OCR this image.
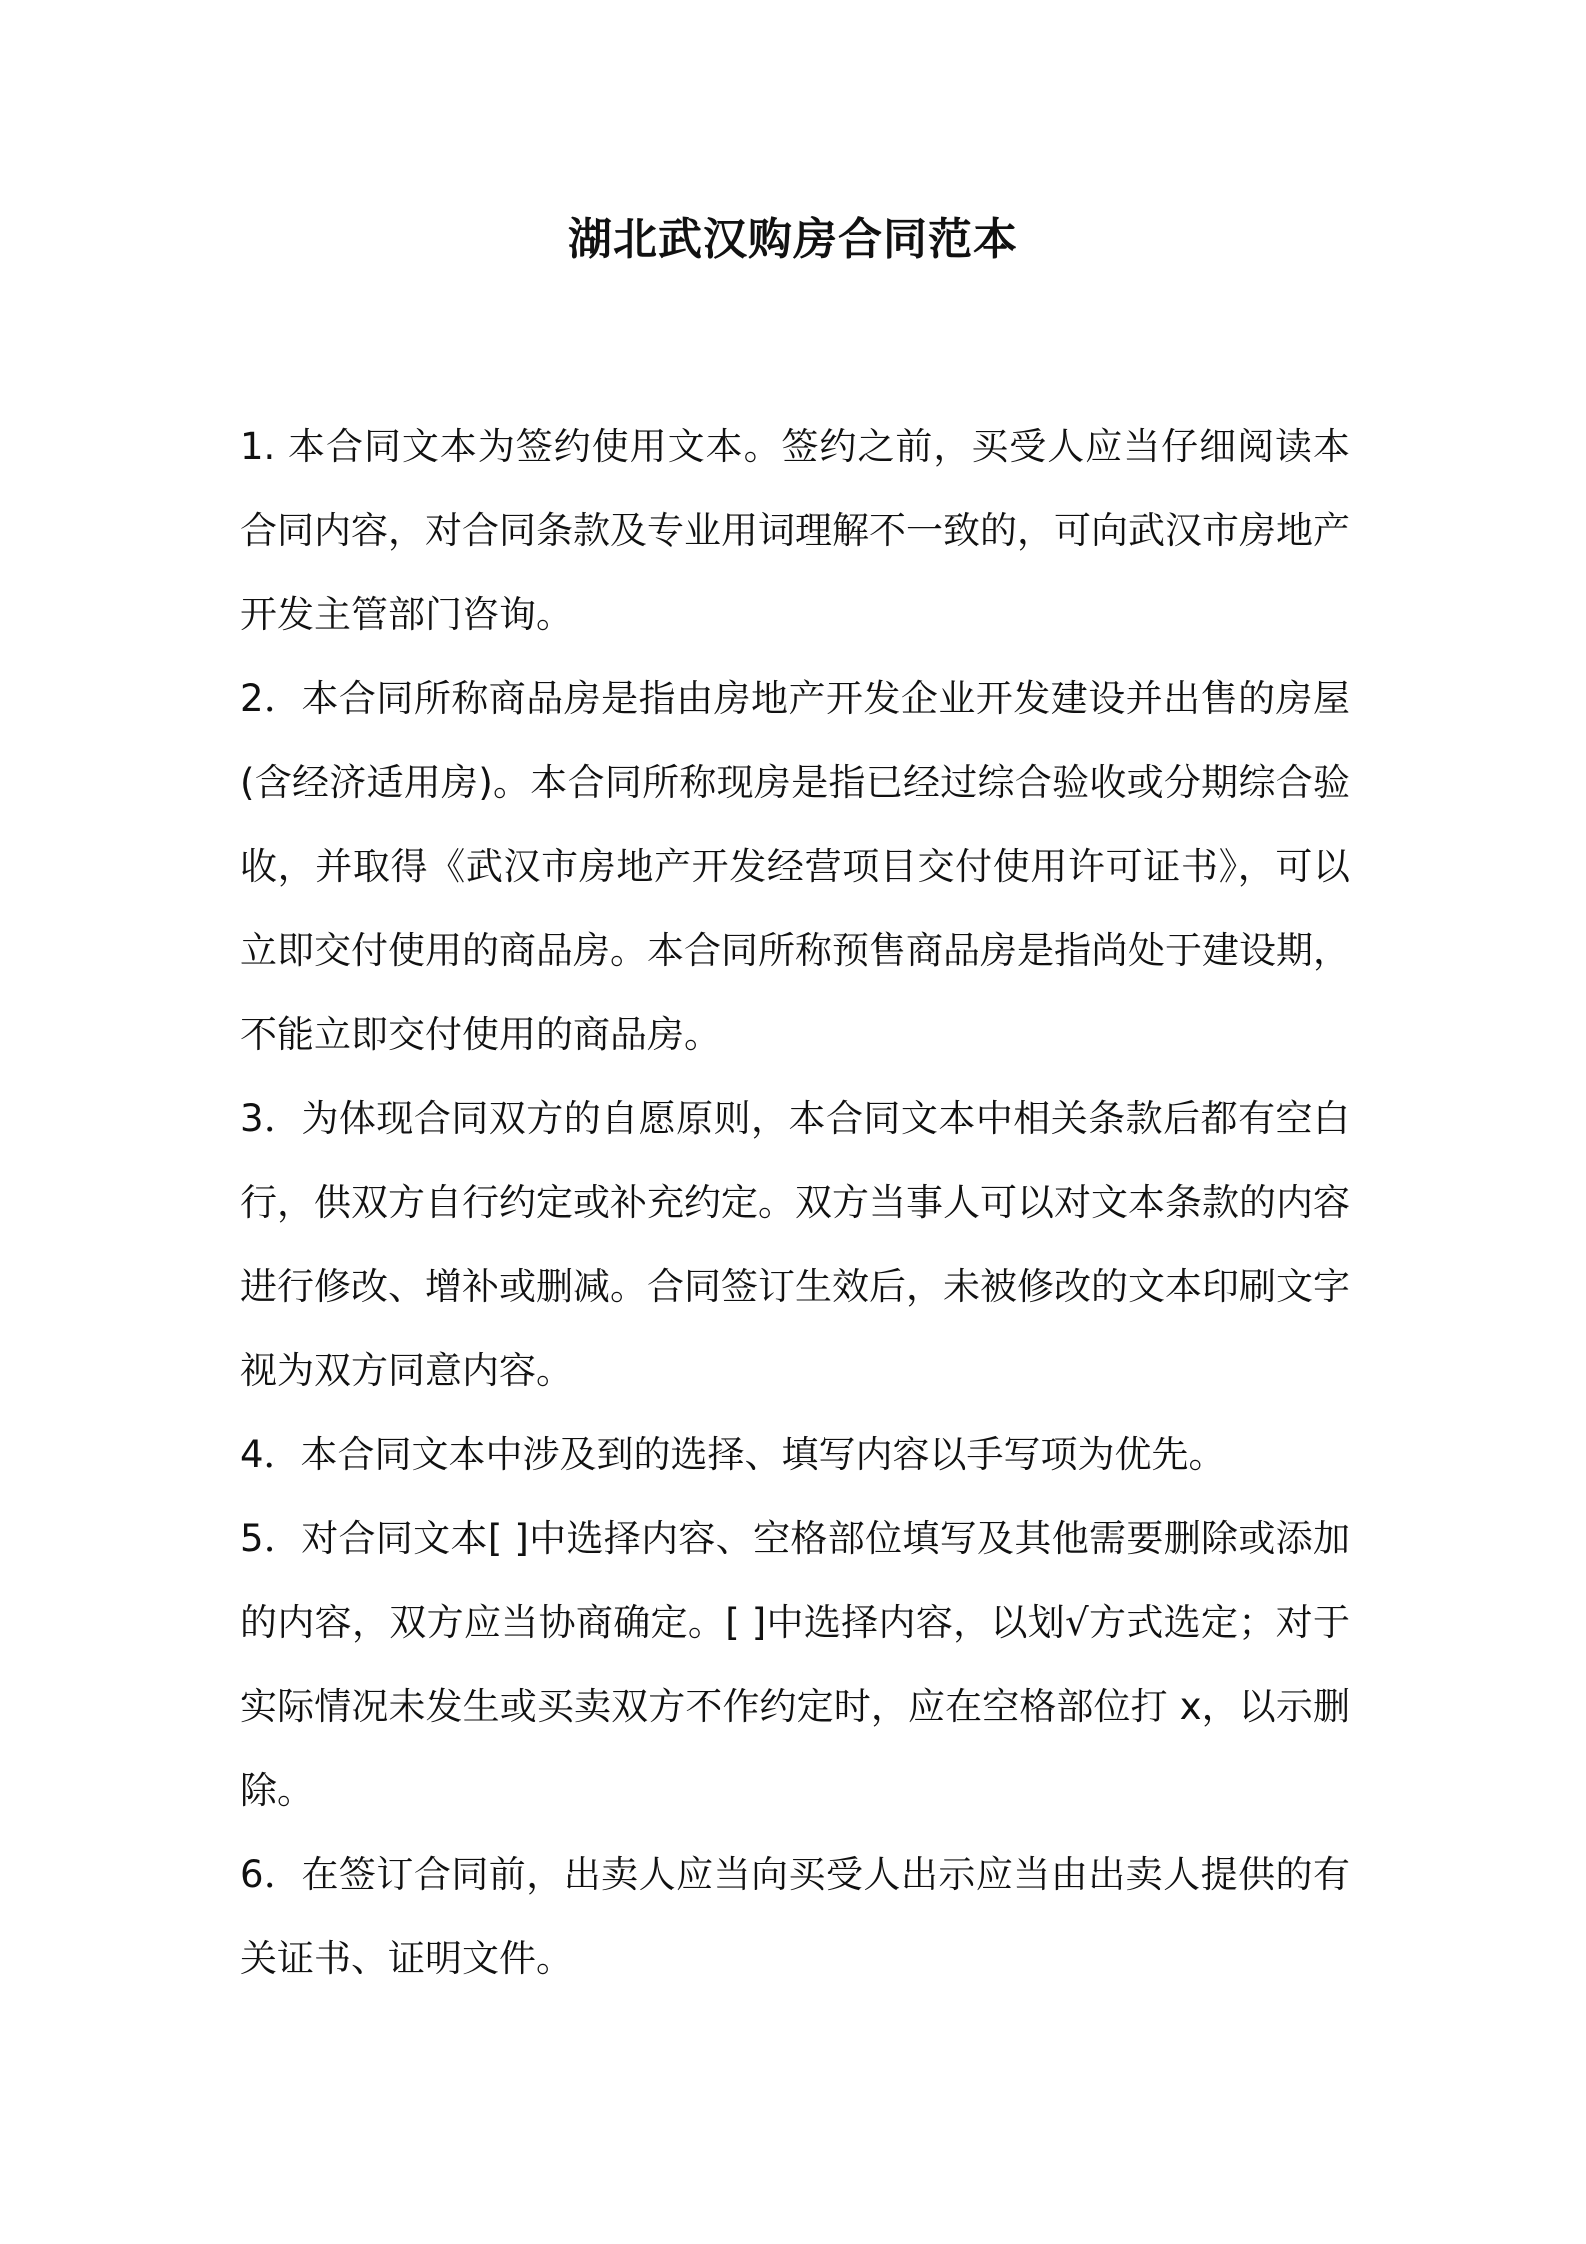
湖北武汉购房合同范本

1. 本合同文本为签约使用文本。签约之前，买受人应当仔细阅读本合同内容，对合同条款及专业用词理解不一致的，可向武汉市房地产开发主管部门咨询。

2．本合同所称商品房是指由房地产开发企业开发建设并出售的房屋(含经济适用房)。本合同所称现房是指已经过综合验收或分期综合验收，并取得《武汉市房地产开发经营项目交付使用许可证书》，可以立即交付使用的商品房。本合同所称预售商品房是指尚处于建设期，不能立即交付使用的商品房。

3．为体现合同双方的自愿原则，本合同文本中相关条款后都有空白行，供双方自行约定或补充约定。双方当事人可以对文本条款的内容进行修改、增补或删减。合同签订生效后，未被修改的文本印刷文字视为双方同意内容。

4．本合同文本中涉及到的选择、填写内容以手写项为优先。

5．对合同文本[ ]中选择内容、空格部位填写及其他需要删除或添加的内容，双方应当协商确定。[ ]中选择内容，以划√方式选定；对于实际情况未发生或买卖双方不作约定时，应在空格部位打 x，以示删除。

6．在签订合同前，出卖人应当向买受人出示应当由出卖人提供的有关证书、证明文件。
